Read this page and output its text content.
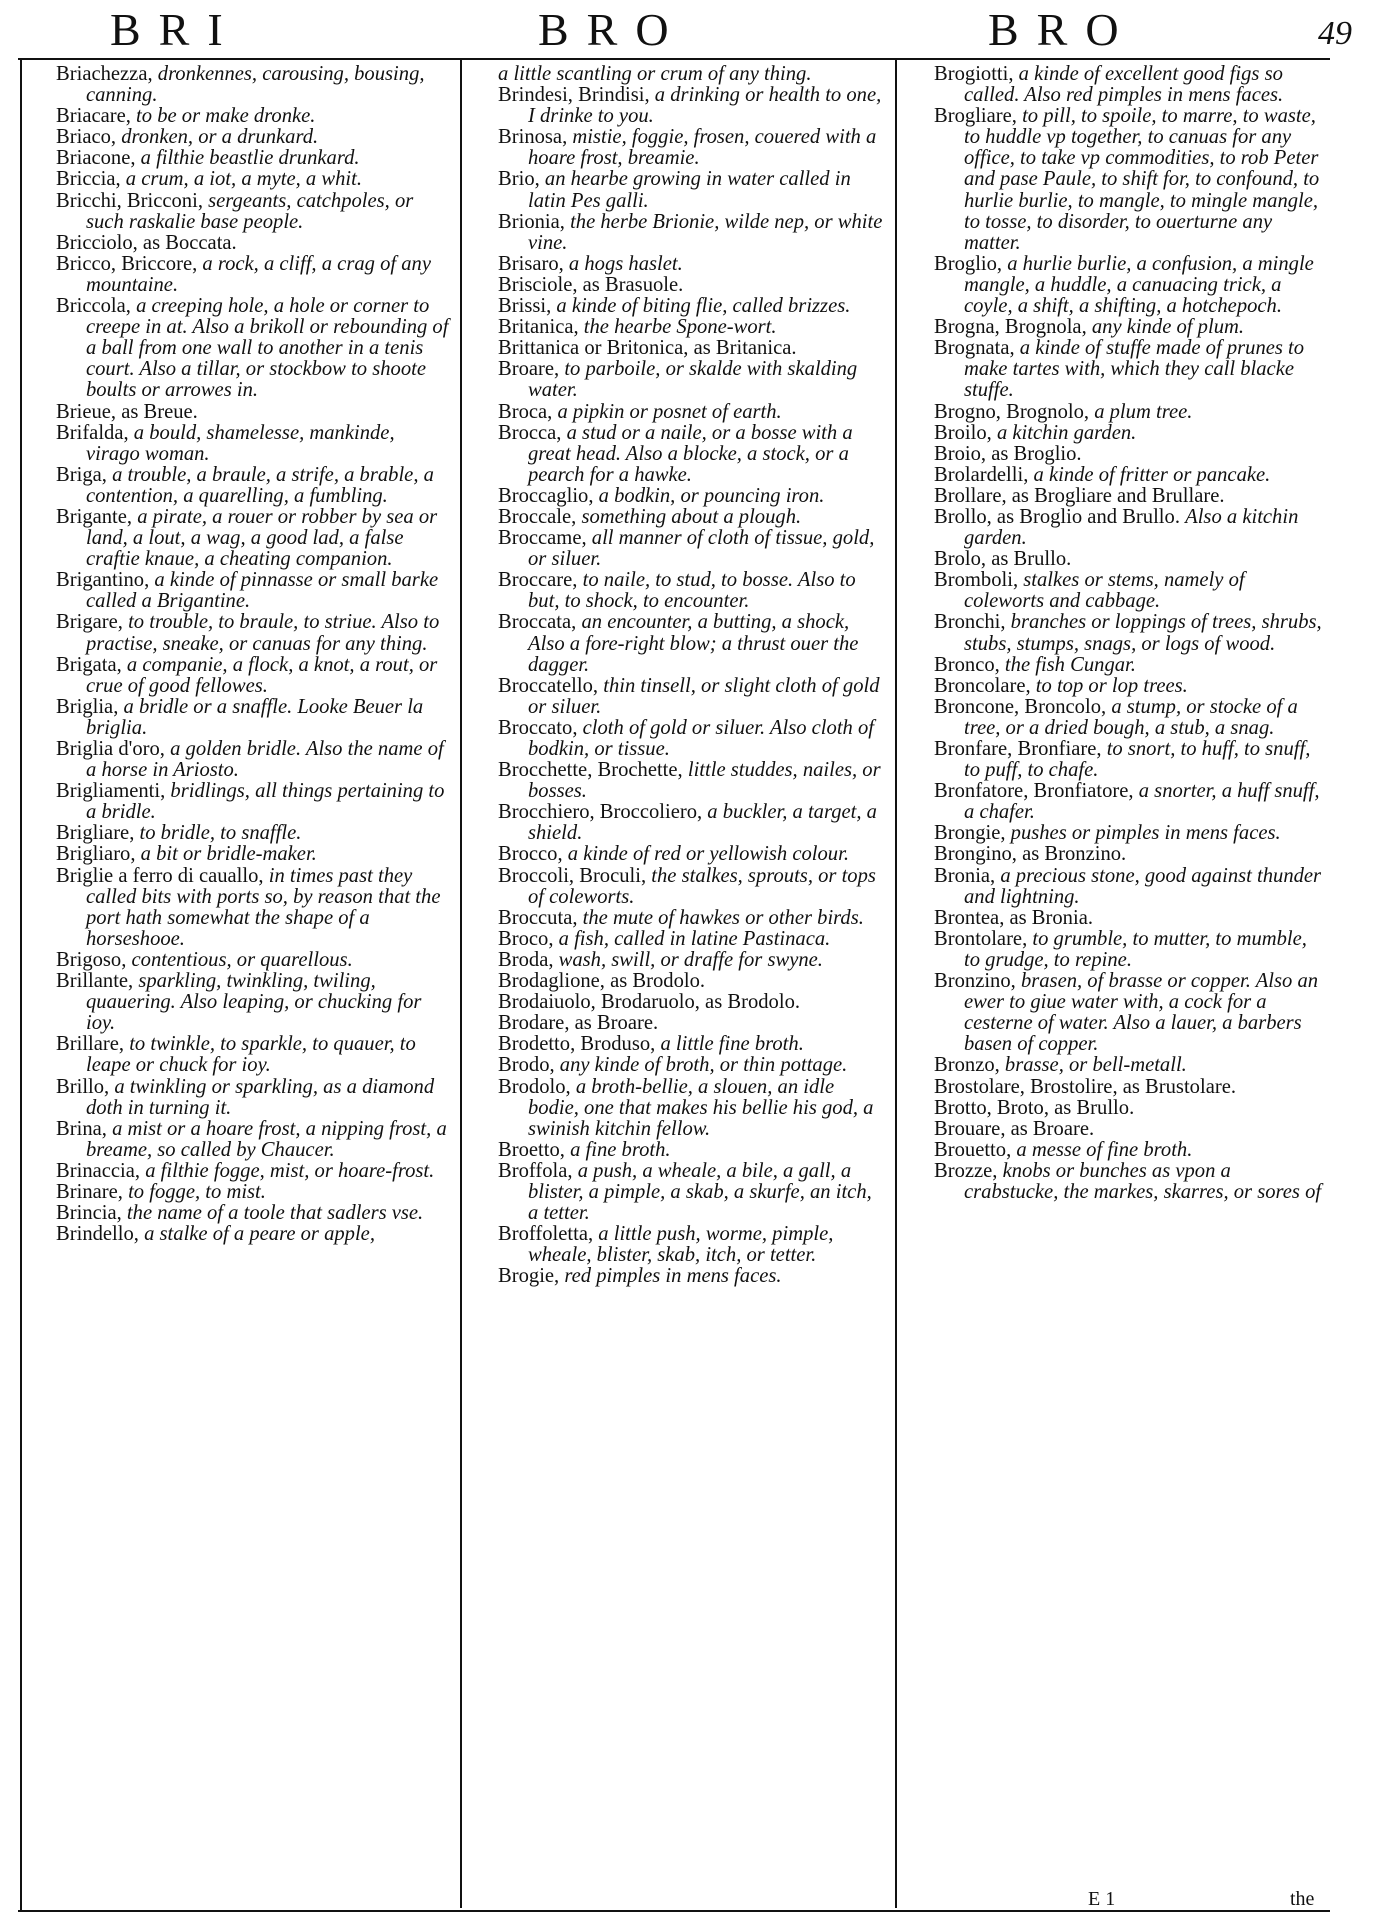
BRI	BRO	BRO	49

Briachezza, dronkennes, carousing, bousing, canning.

Briacare, to be or make dronke.

Briaco, dronken, or a drunkard.

Briacone, a filthie beastlie drunkard.

Briccia, a crum, a iot, a myte, a whit.

Bricchi, Bricconi, sergeants, catchpoles, or such raskalie base people.

Bricciolo, as Boccata.

Bricco, Briccore, a rock, a cliff, a crag of any mountaine.

Briccola, a creeping hole, a hole or corner to creepe in at. Also a brikoll or rebounding of a ball from one wall to another in a tenis court. Also a tillar, or stockbow to shoote boults or arrowes in.

Brieue, as Breue.

Brifalda, a bould, shamelesse, mankinde, virago woman.

Briga, a trouble, a braule, a strife, a brable, a contention, a quarelling, a fumbling.

Brigante, a pirate, a rouer or robber by sea or land, a lout, a wag, a good lad, a false craftie knaue, a cheating companion.

Brigantino, a kinde of pinnasse or small barke called a Brigantine.

Brigare, to trouble, to braule, to striue. Also to practise, sneake, or canuas for any thing.

Brigata, a companie, a flock, a knot, a rout, or crue of good fellowes.

Briglia, a bridle or a snaffle. Looke Beuer la briglia.

Briglia d'oro, a golden bridle. Also the name of a horse in Ariosto.

Brigliamenti, bridlings, all things pertaining to a bridle.

Brigliare, to bridle, to snaffle.

Brigliaro, a bit or bridle-maker.

Briglie a ferro di cauallo, in times past they called bits with ports so, by reason that the port hath somewhat the shape of a horseshooe.

Brigoso, contentious, or quarellous.

Brillante, sparkling, twinkling, twiling, quauering. Also leaping, or chucking for ioy.

Brillare, to twinkle, to sparkle, to quauer, to leape or chuck for ioy.

Brillo, a twinkling or sparkling, as a diamond doth in turning it.

Brina, a mist or a hoare frost, a nipping frost, a breame, so called by Chaucer.

Brinaccia, a filthie fogge, mist, or hoare-frost.

Brinare, to fogge, to mist.

Brincia, the name of a toole that sadlers vse.

Brindello, a stalke of a peare or apple,

a little scantling or crum of any thing.

Brindesi, Brindisi, a drinking or health to one, I drinke to you.

Brinosa, mistie, foggie, frosen, couered with a hoare frost, breamie.

Brio, an hearbe growing in water called in latin Pes galli.

Brionia, the herbe Brionie, wilde nep, or white vine.

Brisaro, a hogs haslet.

Brisciole, as Brasuole.

Brissi, a kinde of biting flie, called brizzes.

Britanica, the hearbe Spone-wort.

Brittanica or Britonica, as Britanica.

Broare, to parboile, or skalde with skalding water.

Broca, a pipkin or posnet of earth.

Brocca, a stud or a naile, or a bosse with a great head. Also a blocke, a stock, or a pearch for a hawke.

Broccaglio, a bodkin, or pouncing iron.

Broccale, something about a plough.

Broccame, all manner of cloth of tissue, gold, or siluer.

Broccare, to naile, to stud, to bosse. Also to but, to shock, to encounter.

Broccata, an encounter, a butting, a shock, Also a fore-right blow; a thrust ouer the dagger.

Broccatello, thin tinsell, or slight cloth of gold or siluer.

Broccato, cloth of gold or siluer. Also cloth of bodkin, or tissue.

Brocchette, Brochette, little studdes, nailes, or bosses.

Brocchiero, Broccoliero, a buckler, a target, a shield.

Brocco, a kinde of red or yellowish colour.

Broccoli, Broculi, the stalkes, sprouts, or tops of coleworts.

Broccuta, the mute of hawkes or other birds.

Broco, a fish, called in latine Pastinaca.

Broda, wash, swill, or draffe for swyne.

Brodaglione, as Brodolo.

Brodaiuolo, Brodaruolo, as Brodolo.

Brodare, as Broare.

Brodetto, Broduso, a little fine broth.

Brodo, any kinde of broth, or thin pottage.

Brodolo, a broth-bellie, a slouen, an idle bodie, one that makes his bellie his god, a swinish kitchin fellow.

Broetto, a fine broth.

Broffola, a push, a wheale, a bile, a gall, a blister, a pimple, a skab, a skurfe, an itch, a tetter.

Broffoletta, a little push, worme, pimple, wheale, blister, skab, itch, or tetter.

Brogie, red pimples in mens faces.

Brogiotti, a kinde of excellent good figs so called. Also red pimples in mens faces.

Brogliare, to pill, to spoile, to marre, to waste, to huddle vp together, to canuas for any office, to take vp commodities, to rob Peter and pase Paule, to shift for, to confound, to hurlie burlie, to mangle, to mingle mangle, to tosse, to disorder, to ouerturne any matter.

Broglio, a hurlie burlie, a confusion, a mingle mangle, a huddle, a canuacing trick, a coyle, a shift, a shifting, a hotchepoch.

Brogna, Brognola, any kinde of plum.

Brognata, a kinde of stuffe made of prunes to make tartes with, which they call blacke stuffe.

Brogno, Brognolo, a plum tree.

Broilo, a kitchin garden.

Broio, as Broglio.

Brolardelli, a kinde of fritter or pancake.

Brollare, as Brogliare and Brullare.

Brollo, as Broglio and Brullo. Also a kitchin garden.

Brolo, as Brullo.

Bromboli, stalkes or stems, namely of coleworts and cabbage.

Bronchi, branches or loppings of trees, shrubs, stubs, stumps, snags, or logs of wood.

Bronco, the fish Cungar.

Broncolare, to top or lop trees.

Broncone, Broncolo, a stump, or stocke of a tree, or a dried bough, a stub, a snag.

Bronfare, Bronfiare, to snort, to huff, to snuff, to puff, to chafe.

Bronfatore, Bronfiatore, a snorter, a huff snuff, a chafer.

Brongie, pushes or pimples in mens faces.

Brongino, as Bronzino.

Bronia, a precious stone, good against thunder and lightning.

Brontea, as Bronia.

Brontolare, to grumble, to mutter, to mumble, to grudge, to repine.

Bronzino, brasen, of brasse or copper. Also an ewer to giue water with, a cock for a cesterne of water. Also a lauer, a barbers basen of copper.

Bronzo, brasse, or bell-metall.

Brostolare, Brostolire, as Brustolare.

Brotto, Broto, as Brullo.

Brouare, as Broare.

Brouetto, a messe of fine broth.

Brozze, knobs or bunches as vpon a crabstucke, the markes, skarres, or sores of

E 1	the
